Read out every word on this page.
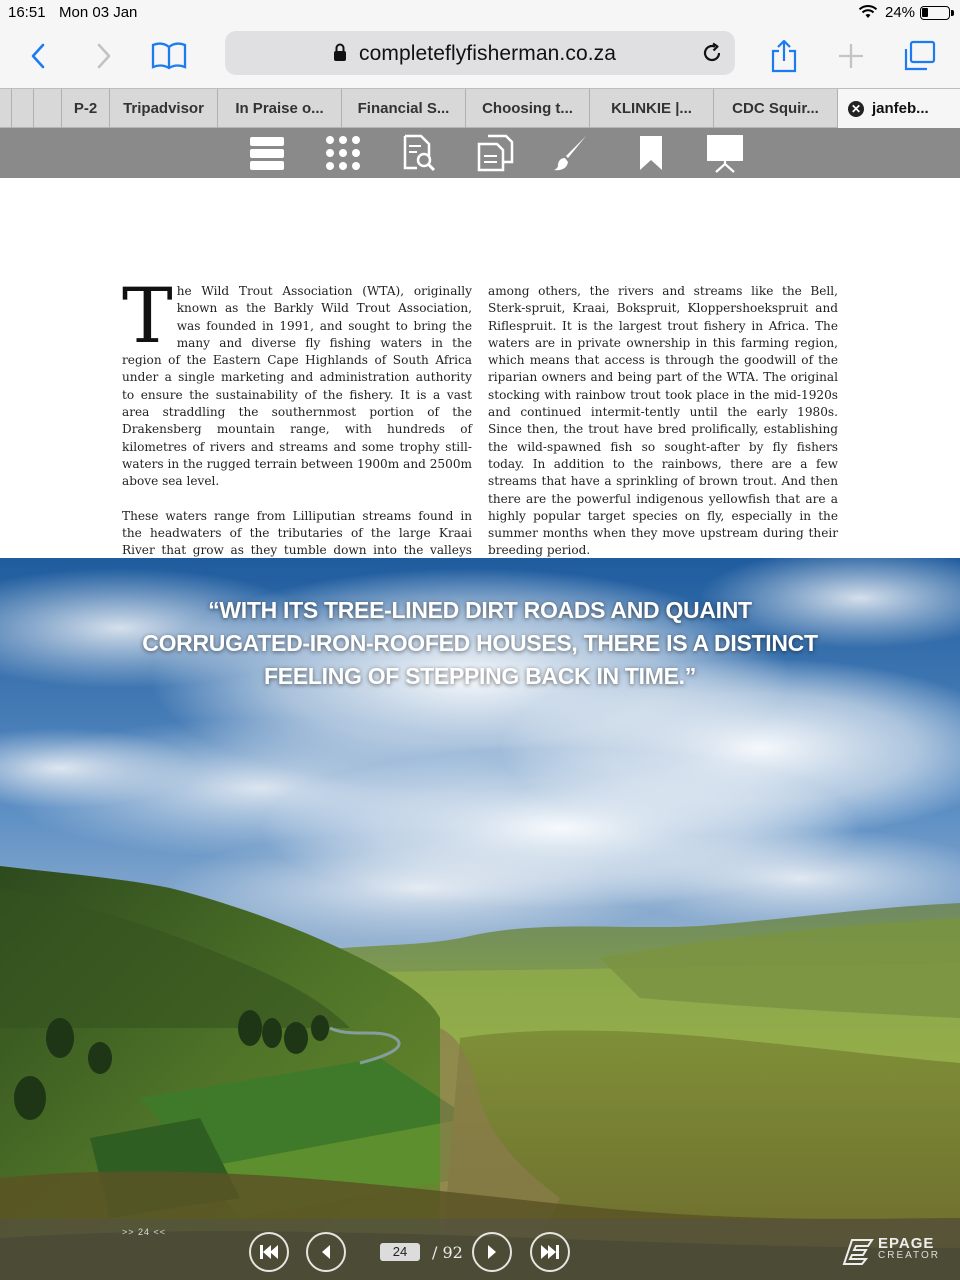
16:51 Mon 03 Jan	24%
completeflyfisherman.co.za
P-2	Tripadvisor	In Praise o...	Financial S...	Choosing t...	KLINKIE |...	CDC Squir...	✕ janfeb...
T he Wild Trout Association (WTA), originally known as the Barkly Wild Trout Association, was founded in 1991, and sought to bring the many and diverse fly fishing waters in the region of the Eastern Cape Highlands of South Africa under a single marketing and administration authority to ensure the sustainability of the fishery. It is a vast area straddling the southernmost portion of the Drakensberg mountain range, with hundreds of kilometres of rivers and streams and some trophy still-waters in the rugged terrain between 1900m and 2500m above sea level.
These waters range from Lilliputian streams found in the headwaters of the tributaries of the large Kraai River that grow as they tumble down into the valleys
among others, the rivers and streams like the Bell, Sterk-spruit, Kraai, Bokspruit, Kloppershoekspruit and Riflespruit. It is the largest trout fishery in Africa. The waters are in private ownership in this farming region, which means that access is through the goodwill of the riparian owners and being part of the WTA. The original stocking with rainbow trout took place in the mid-1920s and continued intermit-tently until the early 1980s. Since then, the trout have bred prolifically, establishing the wild-spawned fish so sought-after by fly fishers today. In addition to the rainbows, there are a few streams that have a sprinkling of brown trout. And then there are the powerful indigenous yellowfish that are a highly popular target species on fly, especially in the summer months when they move upstream during their breeding period.
“WITH ITS TREE-LINED DIRT ROADS AND QUAINT
CORRUGATED-IRON-ROOFED HOUSES, THERE IS A DISTINCT
FEELING OF STEPPING BACK IN TIME.”
>> 24 <<
24	/ 92	EPAGE
CREATOR
